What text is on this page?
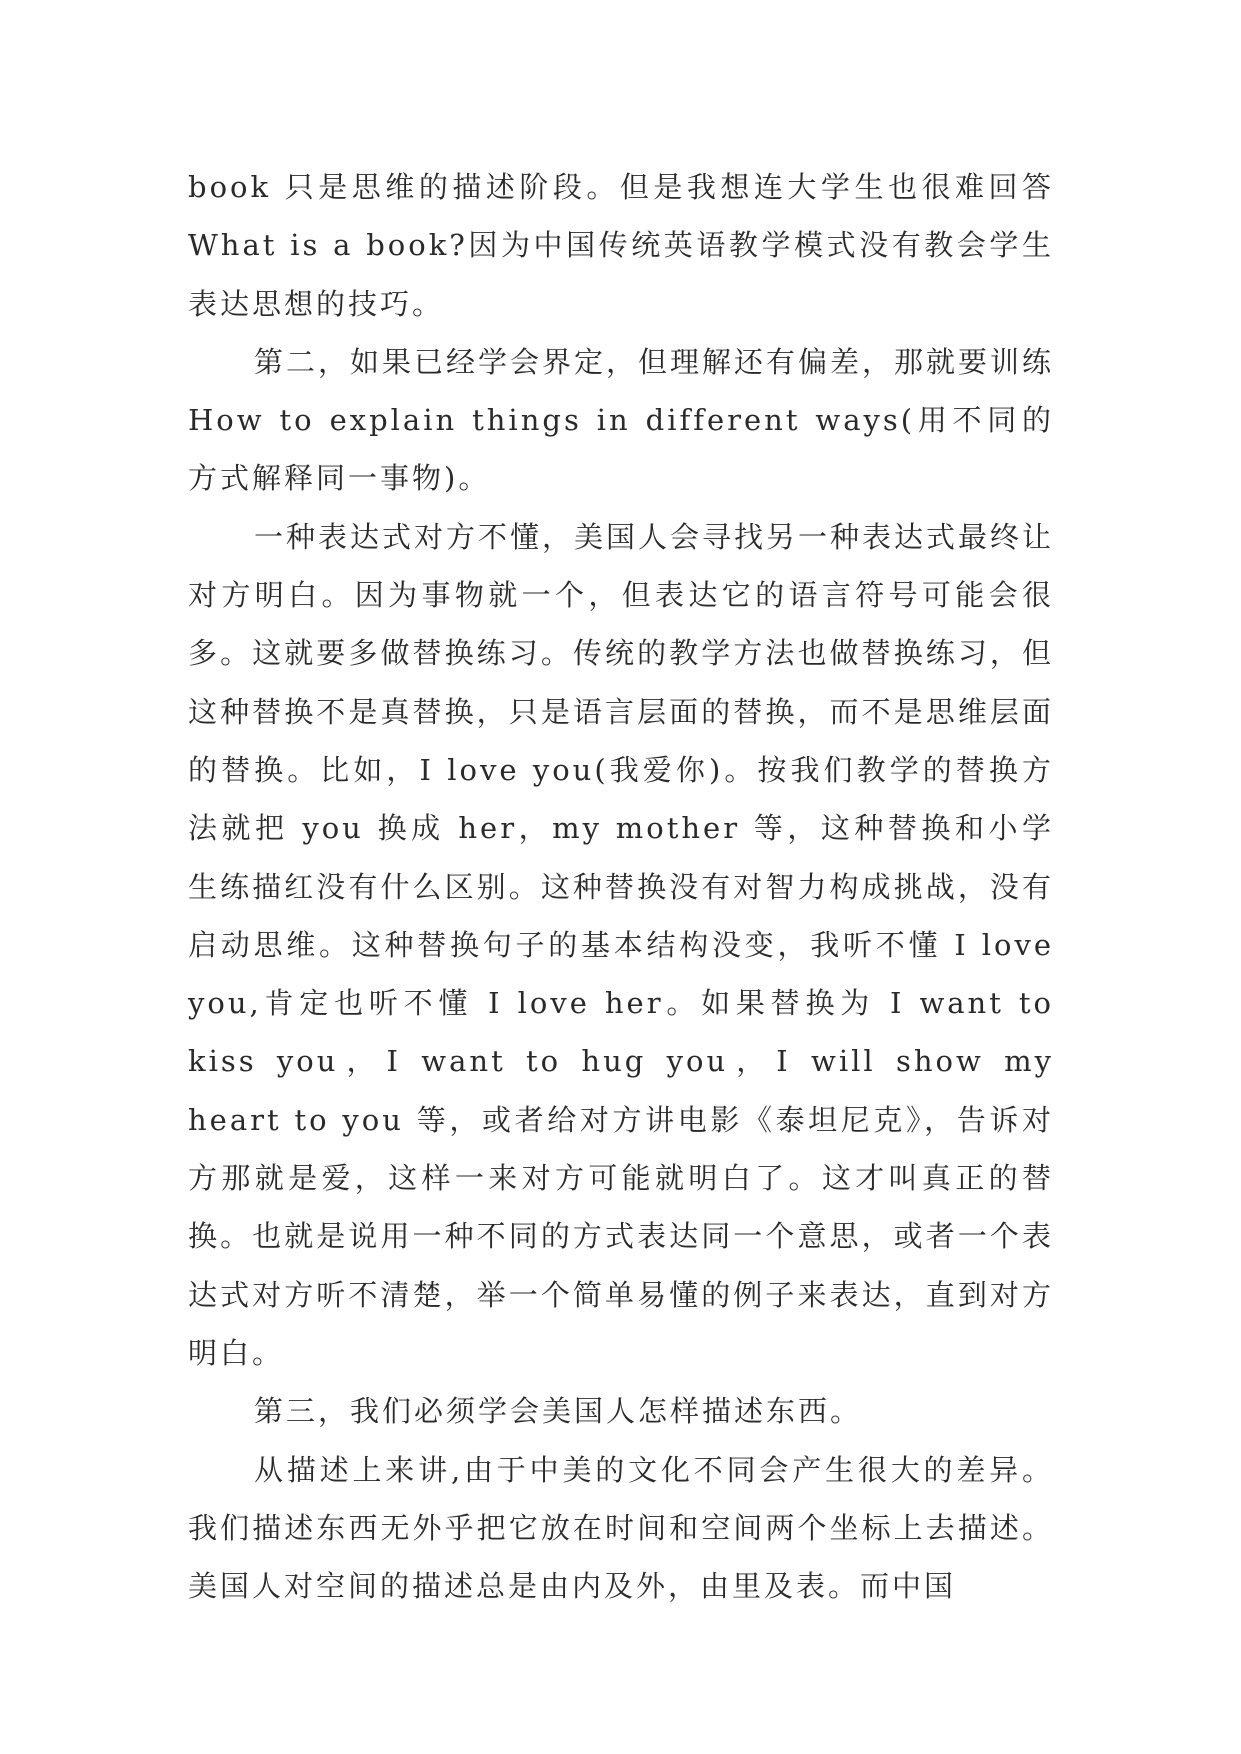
book 只是思维的描述阶段。但是我想连大学生也很难回答 What is a book?因为中国传统英语教学模式没有教会学生表达思想的技巧。

第二，如果已经学会界定，但理解还有偏差，那就要训练 How to explain things in different ways(用不同的方式解释同一事物)。

一种表达式对方不懂，美国人会寻找另一种表达式最终让对方明白。因为事物就一个，但表达它的语言符号可能会很多。这就要多做替换练习。传统的教学方法也做替换练习，但这种替换不是真替换，只是语言层面的替换，而不是思维层面的替换。比如，I love you(我爱你)。按我们教学的替换方法就把 you 换成 her，my mother 等，这种替换和小学生练描红没有什么区别。这种替换没有对智力构成挑战，没有启动思维。这种替换句子的基本结构没变，我听不懂 I love you,肯定也听不懂 I love her。如果替换为 I want to kiss you，I want to hug you，I will show my heart to you 等，或者给对方讲电影《泰坦尼克》，告诉对方那就是爱，这样一来对方可能就明白了。这才叫真正的替换。也就是说用一种不同的方式表达同一个意思，或者一个表达式对方听不清楚，举一个简单易懂的例子来表达，直到对方明白。

第三，我们必须学会美国人怎样描述东西。

从描述上来讲,由于中美的文化不同会产生很大的差异。我们描述东西无外乎把它放在时间和空间两个坐标上去描述。美国人对空间的描述总是由内及外，由里及表。而中国
